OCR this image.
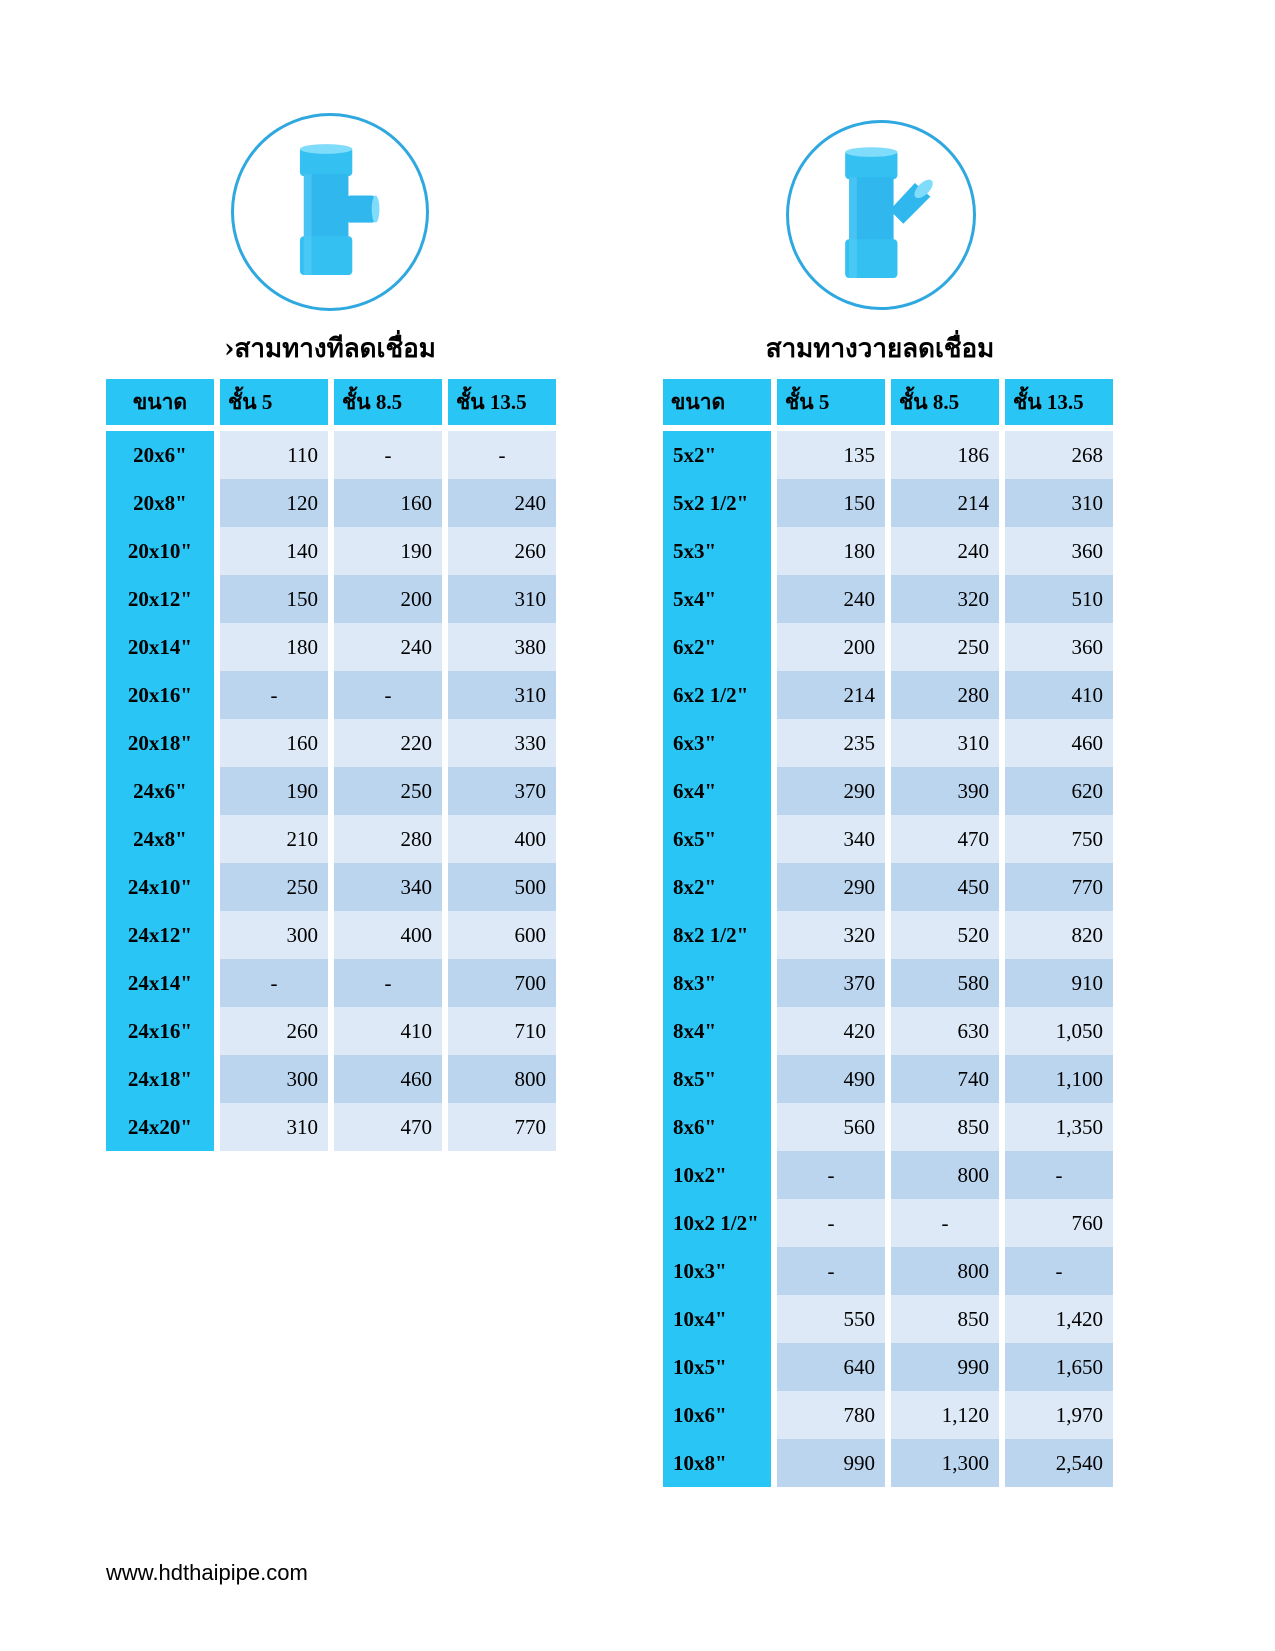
›สามทางทีลดเชื่อม	สามทางวายลดเชื่อม
ขนาด	ชั้น 5	ชั้น 8.5	ชั้น 13.5
20x6"	110	-	-
20x8"	120	160	240
20x10"	140	190	260
20x12"	150	200	310
20x14"	180	240	380
20x16"	-	-	310
20x18"	160	220	330
24x6"	190	250	370
24x8"	210	280	400
24x10"	250	340	500
24x12"	300	400	600
24x14"	-	-	700
24x16"	260	410	710
24x18"	300	460	800
24x20"	310	470	770
ขนาด	ชั้น 5	ชั้น 8.5	ชั้น 13.5
5x2"	135	186	268
5x2 1/2"	150	214	310
5x3"	180	240	360
5x4"	240	320	510
6x2"	200	250	360
6x2 1/2"	214	280	410
6x3"	235	310	460
6x4"	290	390	620
6x5"	340	470	750
8x2"	290	450	770
8x2 1/2"	320	520	820
8x3"	370	580	910
8x4"	420	630	1,050
8x5"	490	740	1,100
8x6"	560	850	1,350
10x2"	-	800	-
10x2 1/2"	-	-	760
10x3"	-	800	-
10x4"	550	850	1,420
10x5"	640	990	1,650
10x6"	780	1,120	1,970
10x8"	990	1,300	2,540
www.hdthaipipe.com
